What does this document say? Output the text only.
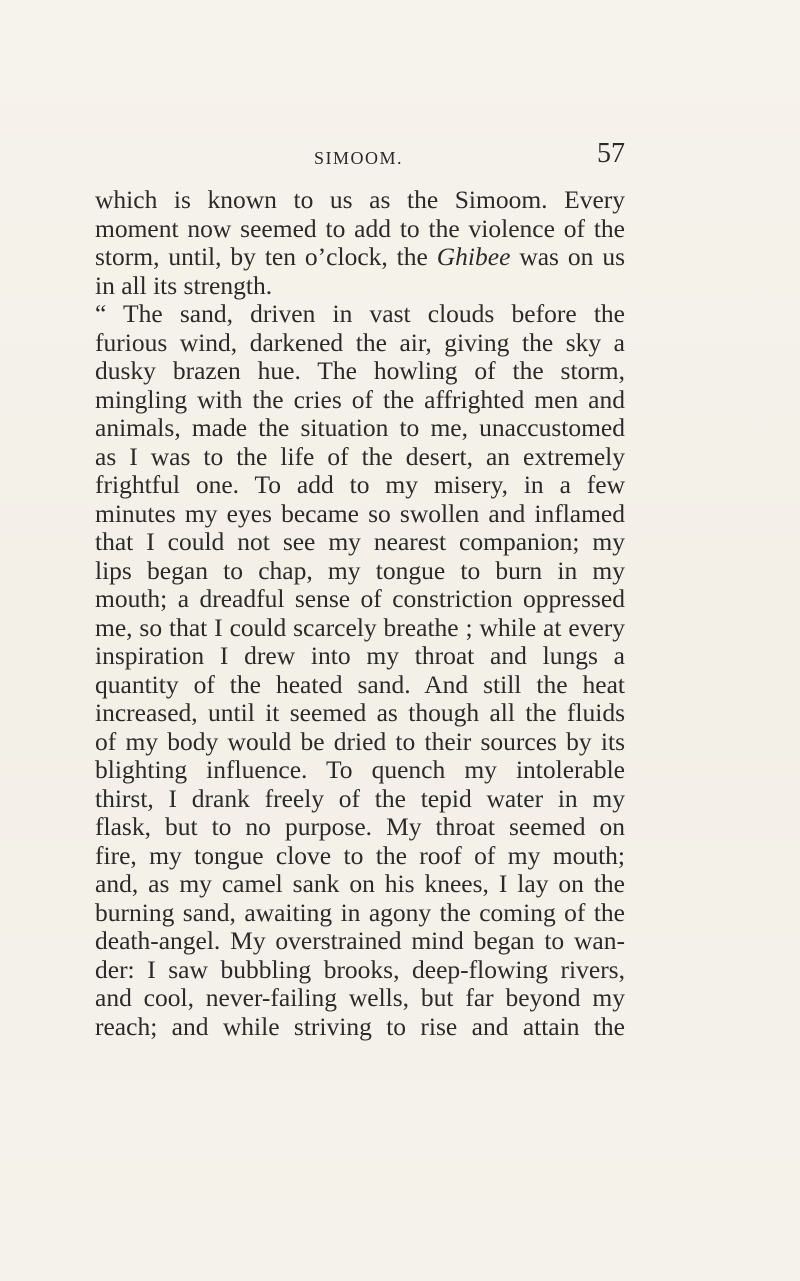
SIMOOM.	57
which is known to us as the Simoom. Every
moment now seemed to add to the violence of the
storm, until, by ten o’clock, the Ghibee was on us
in all its strength.
“ The sand, driven in vast clouds before the
furious wind, darkened the air, giving the sky a
dusky brazen hue. The howling of the storm,
mingling with the cries of the affrighted men and
animals, made the situation to me, unaccustomed
as I was to the life of the desert, an extremely
frightful one. To add to my misery, in a few
minutes my eyes became so swollen and inflamed
that I could not see my nearest companion; my
lips began to chap, my tongue to burn in my
mouth; a dreadful sense of constriction oppressed
me, so that I could scarcely breathe ; while at every
inspiration I drew into my throat and lungs a
quantity of the heated sand. And still the heat
increased, until it seemed as though all the fluids
of my body would be dried to their sources by its
blighting influence. To quench my intolerable
thirst, I drank freely of the tepid water in my
flask, but to no purpose. My throat seemed on
fire, my tongue clove to the roof of my mouth;
and, as my camel sank on his knees, I lay on the
burning sand, awaiting in agony the coming of the
death-angel. My overstrained mind began to wan-
der: I saw bubbling brooks, deep-flowing rivers,
and cool, never-failing wells, but far beyond my
reach; and while striving to rise and attain the
